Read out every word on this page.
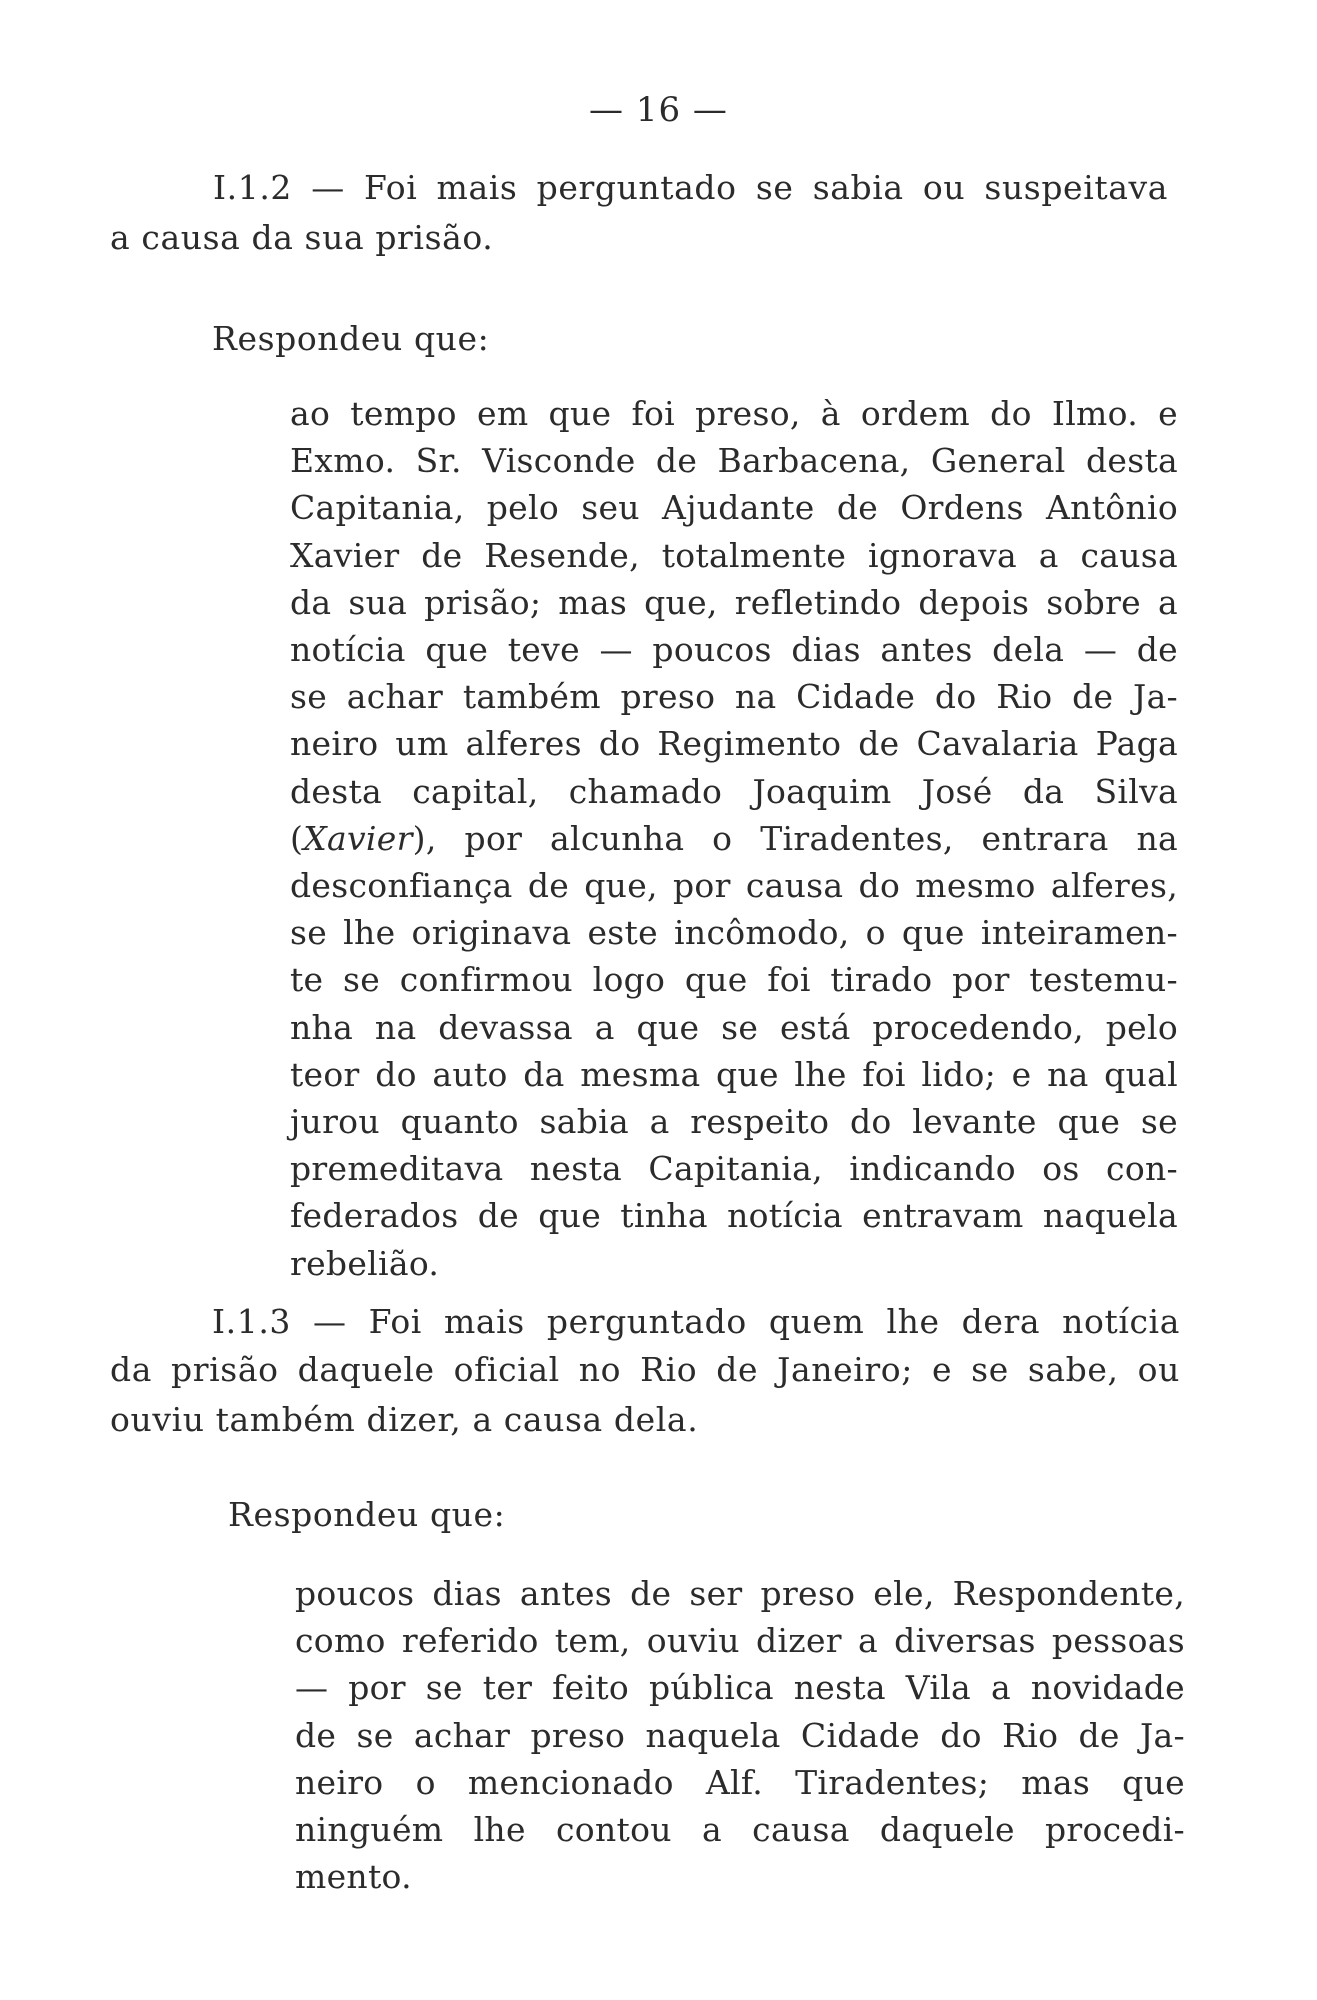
— 16 —
I.1.2 — Foi mais perguntado se sabia ou suspeitava
a causa da sua prisão.
Respondeu que:
ao tempo em que foi preso, à ordem do Ilmo. e
Exmo. Sr. Visconde de Barbacena, General desta
Capitania, pelo seu Ajudante de Ordens Antônio
Xavier de Resende, totalmente ignorava a causa
da sua prisão; mas que, refletindo depois sobre a
notícia que teve — poucos dias antes dela — de
se achar também preso na Cidade do Rio de Ja-
neiro um alferes do Regimento de Cavalaria Paga
desta capital, chamado Joaquim José da Silva
(Xavier), por alcunha o Tiradentes, entrara na
desconfiança de que, por causa do mesmo alferes,
se lhe originava este incômodo, o que inteiramen-
te se confirmou logo que foi tirado por testemu-
nha na devassa a que se está procedendo, pelo
teor do auto da mesma que lhe foi lido; e na qual
jurou quanto sabia a respeito do levante que se
premeditava nesta Capitania, indicando os con-
federados de que tinha notícia entravam naquela
rebelião.
I.1.3 — Foi mais perguntado quem lhe dera notícia
da prisão daquele oficial no Rio de Janeiro; e se sabe, ou
ouviu também dizer, a causa dela.
Respondeu que:
poucos dias antes de ser preso ele, Respondente,
como referido tem, ouviu dizer a diversas pessoas
— por se ter feito pública nesta Vila a novidade
de se achar preso naquela Cidade do Rio de Ja-
neiro o mencionado Alf. Tiradentes; mas que
ninguém lhe contou a causa daquele procedi-
mento.
